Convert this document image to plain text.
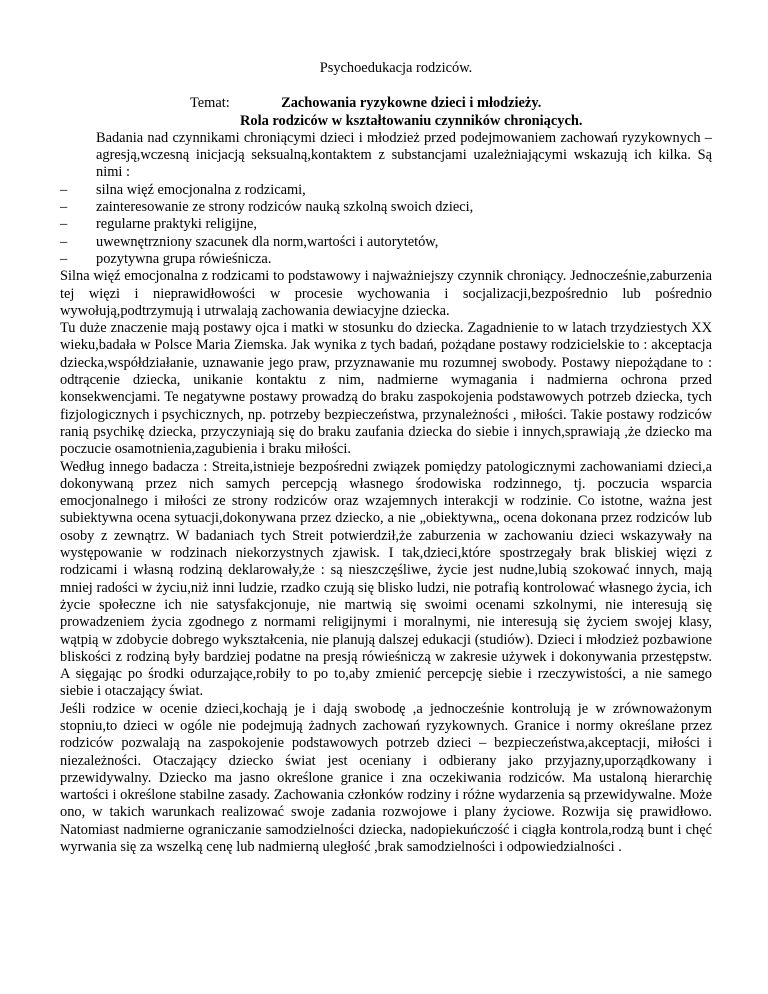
Psychoedukacja rodziców.
Temat:	Zachowania ryzykowne dzieci i młodzieży.
Rola rodziców w kształtowaniu czynników chroniących.

Badania nad czynnikami chroniącymi dzieci i młodzież przed podejmowaniem zachowań ryzykownych – agresją,wczesną inicjacją seksualną,kontaktem z substancjami uzależniającymi wskazują ich kilka. Są nimi :

– silna więź emocjonalna z rodzicami,
– zainteresowanie ze strony rodziców nauką szkolną swoich dzieci,
– regularne praktyki religijne,
– uwewnętrzniony szacunek dla norm,wartości i autorytetów,
– pozytywna grupa rówieśnicza.

Silna więź emocjonalna z rodzicami to podstawowy i najważniejszy czynnik chroniący. Jednocześnie,zaburzenia tej więzi i nieprawidłowości w procesie wychowania i socjalizacji,bezpośrednio lub pośrednio wywołują,podtrzymują i utrwalają zachowania dewiacyjne dziecka.

Tu duże znaczenie mają postawy ojca i matki w stosunku do dziecka. Zagadnienie to w latach trzydziestych XX wieku,badała w Polsce Maria Ziemska. Jak wynika z tych badań, pożądane postawy rodzicielskie to : akceptacja dziecka,współdziałanie, uznawanie jego praw, przyznawanie mu rozumnej swobody. Postawy niepożądane to : odtrącenie dziecka, unikanie kontaktu z nim, nadmierne wymagania i nadmierna ochrona przed konsekwencjami. Te negatywne postawy prowadzą do braku zaspokojenia podstawowych potrzeb dziecka, tych fizjologicznych i psychicznych, np. potrzeby bezpieczeństwa, przynależności , miłości. Takie postawy rodziców ranią psychikę dziecka, przyczyniają się do braku zaufania dziecka do siebie i innych,sprawiają ,że dziecko ma poczucie osamotnienia,zagubienia i braku miłości.

Według innego badacza : Streita,istnieje bezpośredni związek pomiędzy patologicznymi zachowaniami dzieci,a dokonywaną przez nich samych percepcją własnego środowiska rodzinnego, tj. poczucia wsparcia emocjonalnego i miłości ze strony rodziców oraz wzajemnych interakcji w rodzinie. Co istotne, ważna jest subiektywna ocena sytuacji,dokonywana przez dziecko, a nie „obiektywna„ ocena dokonana przez rodziców lub osoby z zewnątrz. W badaniach tych Streit potwierdził,że zaburzenia w zachowaniu dzieci wskazywały na występowanie w rodzinach niekorzystnych zjawisk. I tak,dzieci,które spostrzegały brak bliskiej więzi z rodzicami i własną rodziną deklarowały,że : są nieszczęśliwe, życie jest nudne,lubią szokować innych, mają mniej radości w życiu,niż inni ludzie, rzadko czują się blisko ludzi, nie potrafią kontrolować własnego życia, ich życie społeczne ich nie satysfakcjonuje, nie martwią się swoimi ocenami szkolnymi, nie interesują się prowadzeniem życia zgodnego z normami religijnymi i moralnymi, nie interesują się życiem swojej klasy, wątpią w zdobycie dobrego wykształcenia, nie planują dalszej edukacji (studiów). Dzieci i młodzież pozbawione bliskości z rodziną były bardziej podatne na presją rówieśniczą w zakresie używek i dokonywania przestępstw. A sięgając po środki odurzające,robiły to po to,aby zmienić percepcję siebie i rzeczywistości, a nie samego siebie i otaczający świat.

Jeśli rodzice w ocenie dzieci,kochają je i dają swobodę ,a jednocześnie kontrolują je w zrównoważonym stopniu,to dzieci w ogóle nie podejmują żadnych zachowań ryzykownych. Granice i normy określane przez rodziców pozwalają na zaspokojenie podstawowych potrzeb dzieci – bezpieczeństwa,akceptacji, miłości i niezależności. Otaczający dziecko świat jest oceniany i odbierany jako przyjazny,uporządkowany i przewidywalny. Dziecko ma jasno określone granice i zna oczekiwania rodziców. Ma ustaloną hierarchię wartości i określone stabilne zasady. Zachowania członków rodziny i różne wydarzenia są przewidywalne. Może ono, w takich warunkach realizować swoje zadania rozwojowe i plany życiowe. Rozwija się prawidłowo. Natomiast nadmierne ograniczanie samodzielności dziecka, nadopiekuńczość i ciągła kontrola,rodzą bunt i chęć wyrwania się za wszelką cenę lub nadmierną uległość ,brak samodzielności i odpowiedzialności .
